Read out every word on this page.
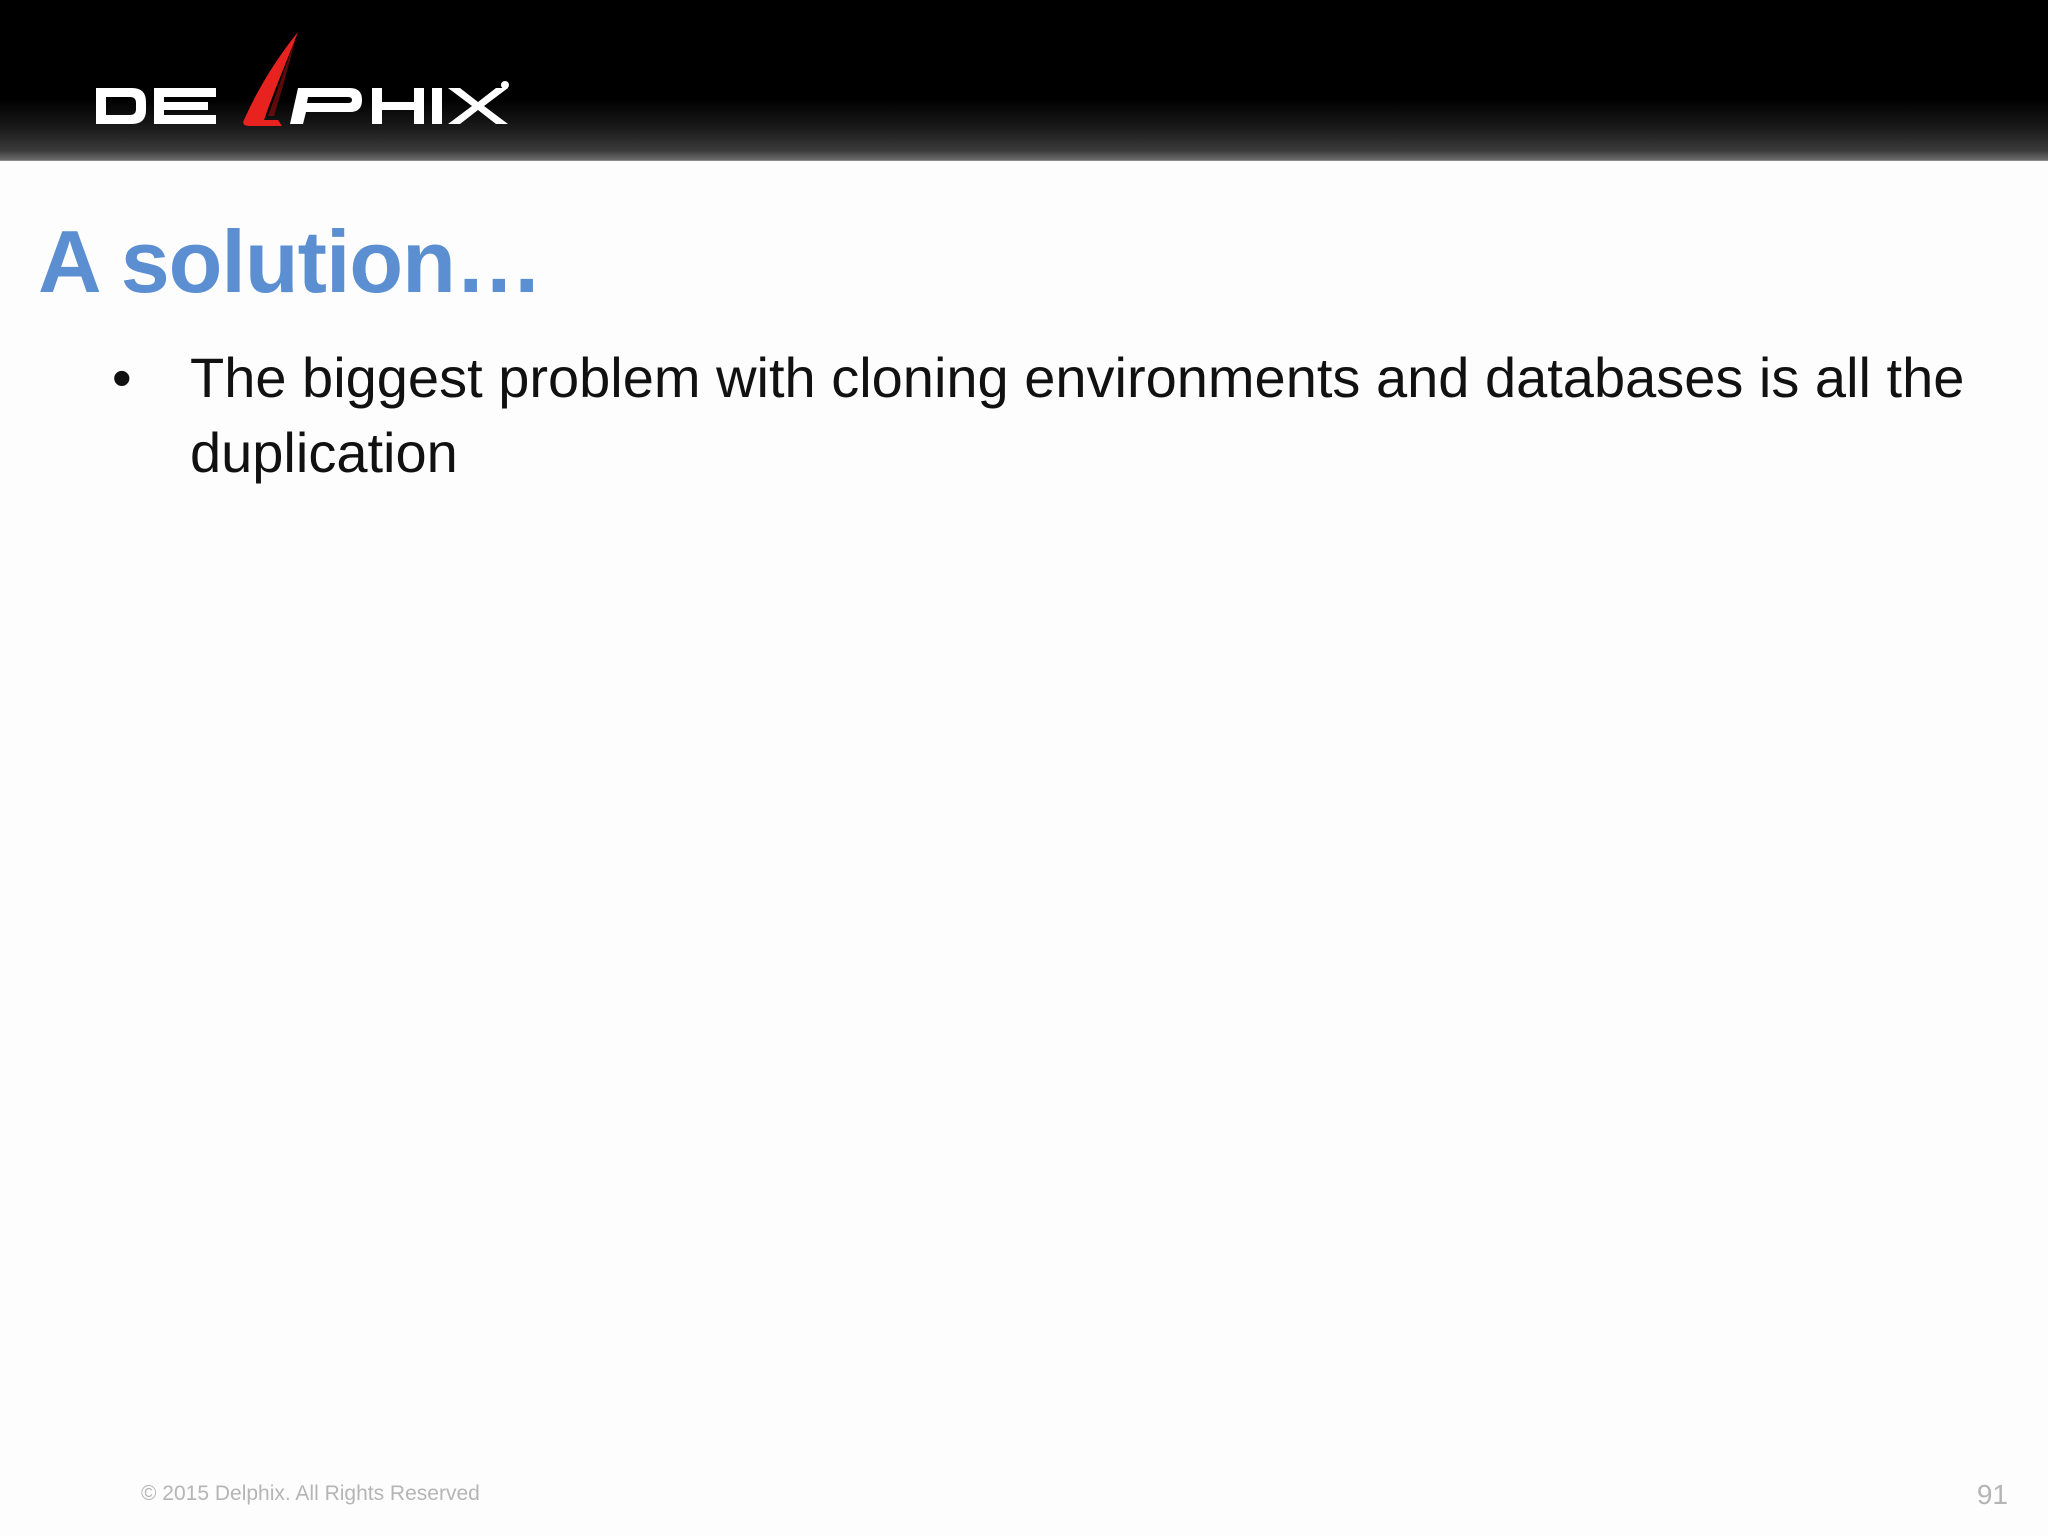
A solution…
• The biggest problem with cloning environments and databases is all the duplication
© 2015 Delphix. All Rights Reserved	91
